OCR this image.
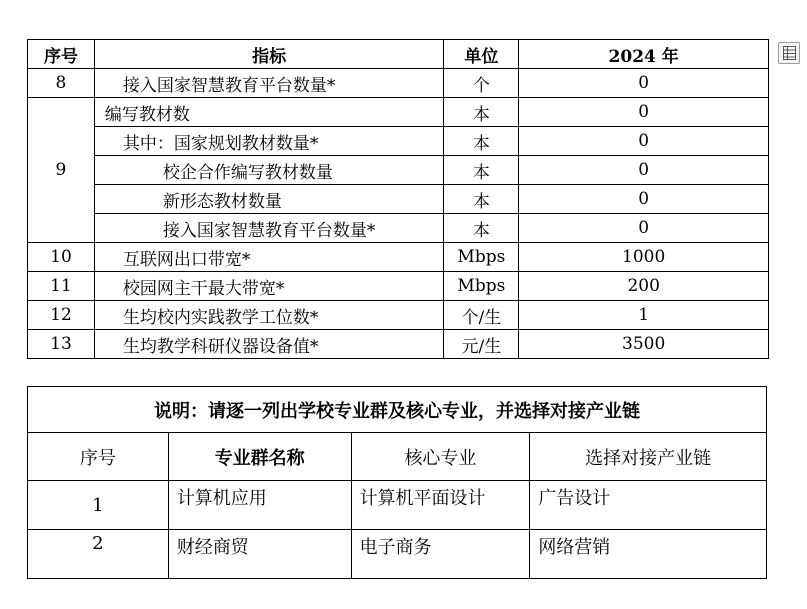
序号	指标	单位	2024 年
8	接入国家智慧教育平台数量*	个	0
9	编写教材数	本	0
	其中：国家规划教材数量*	本	0
	校企合作编写教材数量	本	0
	新形态教材数量	本	0
	接入国家智慧教育平台数量*	本	0
10	互联网出口带宽*	Mbps	1000
11	校园网主干最大带宽*	Mbps	200
12	生均校内实践教学工位数*	个/生	1
13	生均教学科研仪器设备值*	元/生	3500
说明：请逐一列出学校专业群及核心专业，并选择对接产业链			
序号	专业群名称	核心专业	选择对接产业链
1	计算机应用	计算机平面设计	广告设计
2	财经商贸	电子商务	网络营销
